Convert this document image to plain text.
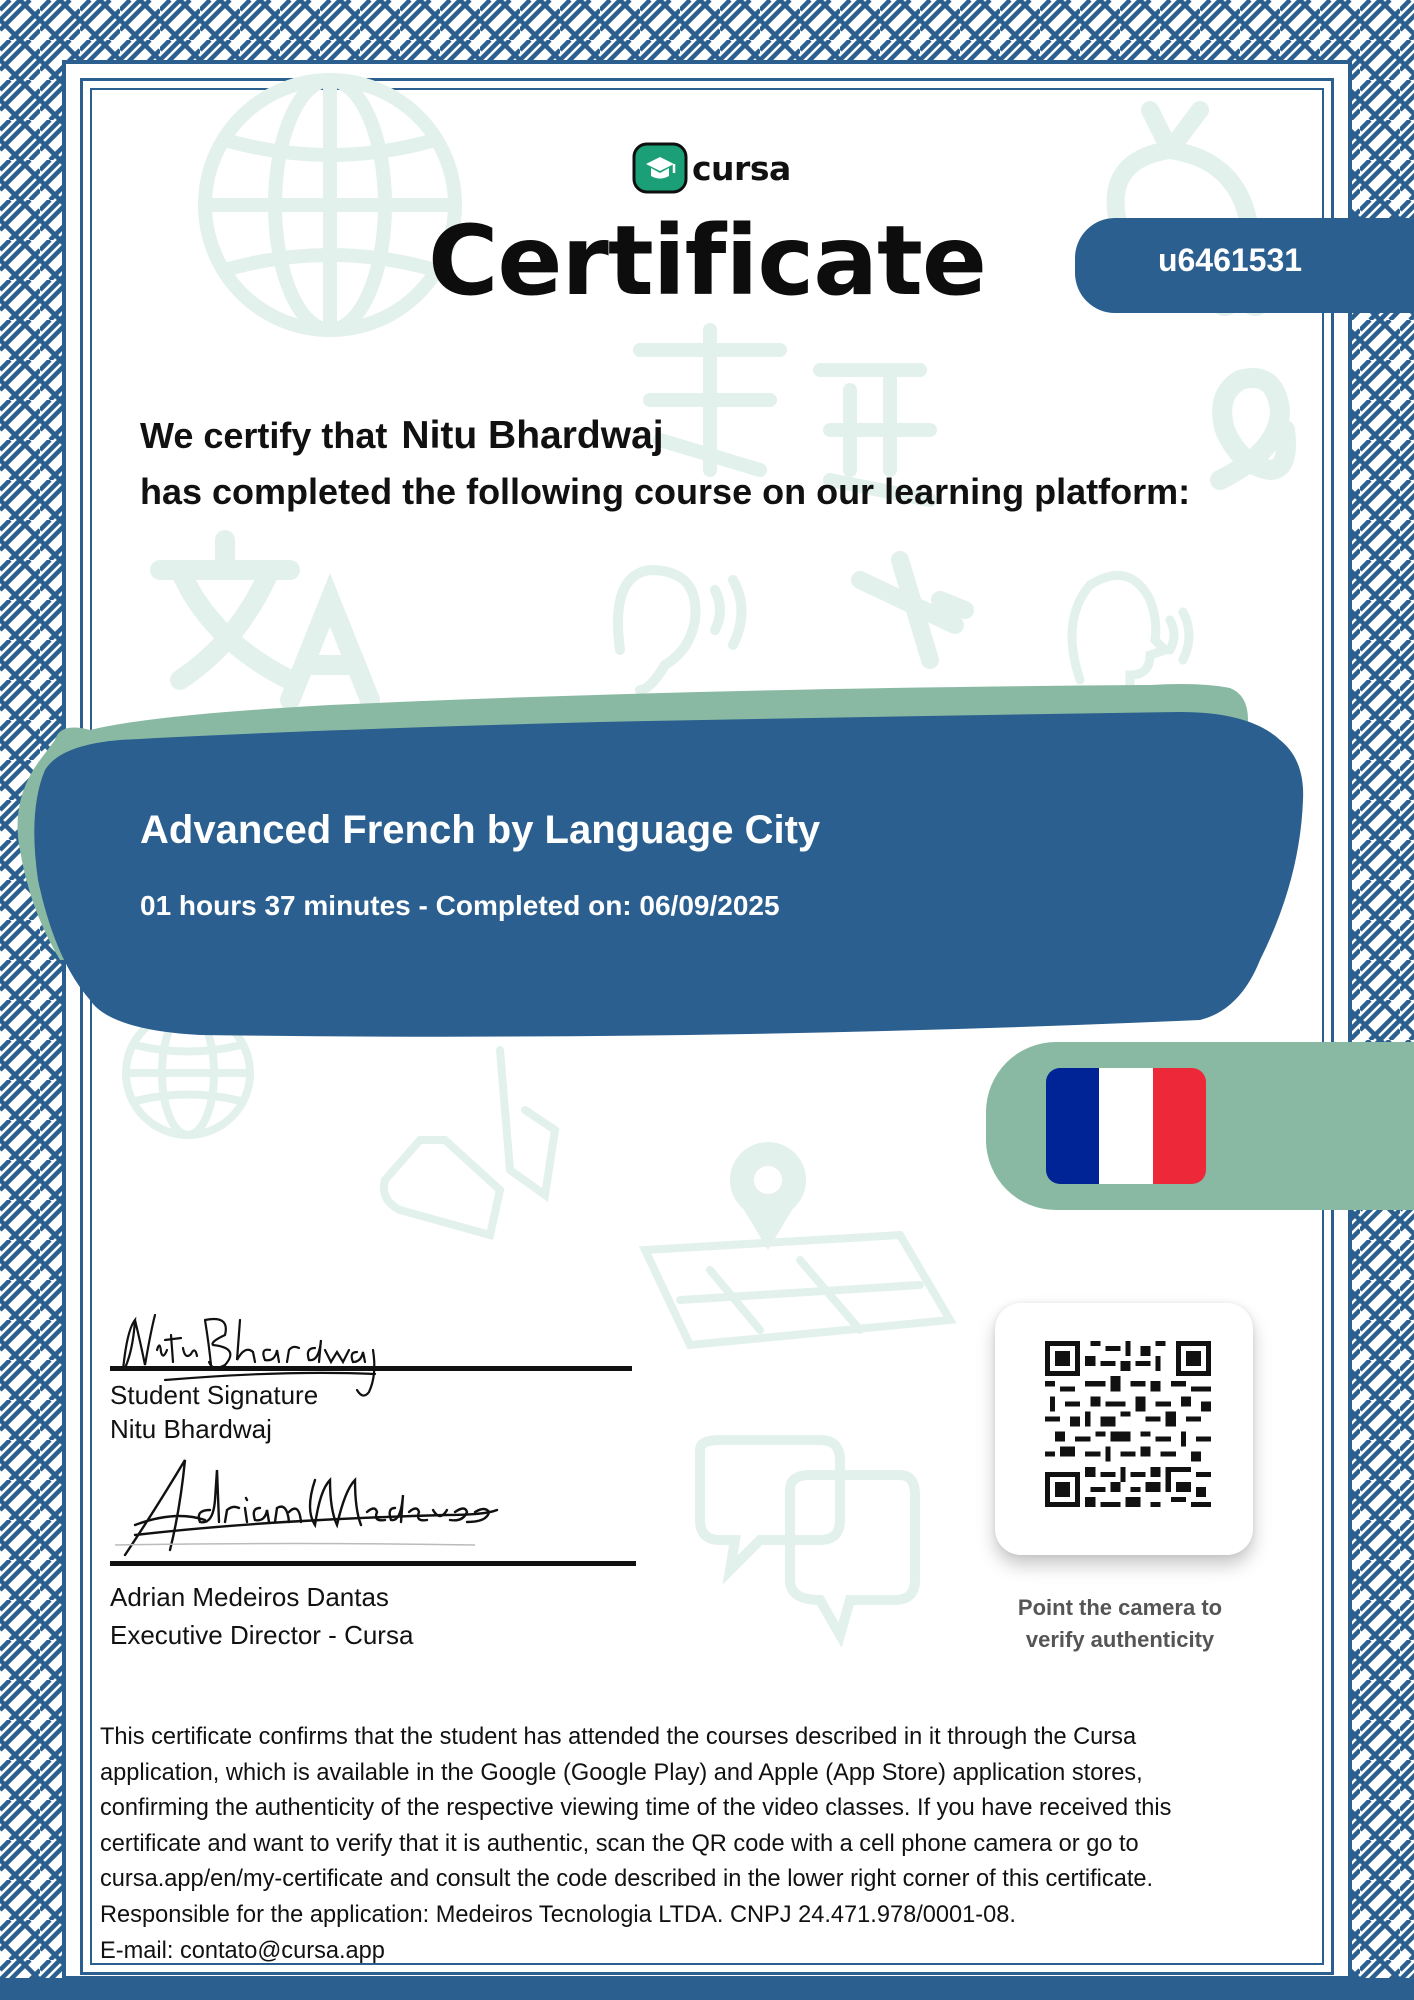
cursa
Certificate	u6461531
We certify that Nitu Bhardwaj
has completed the following course on our learning platform:
Advanced French by Language City
01 hours 37 minutes - Completed on: 06/09/2025
Student Signature
Nitu Bhardwaj
Adrian Medeiros Dantas
Executive Director - Cursa
Point the camera to
verify authenticity

This certificate confirms that the student has attended the courses described in it through the Cursa

application, which is available in the Google (Google Play) and Apple (App Store) application stores,

confirming the authenticity of the respective viewing time of the video classes. If you have received this

certificate and want to verify that it is authentic, scan the QR code with a cell phone camera or go to

cursa.app/en/my-certificate and consult the code described in the lower right corner of this certificate.

Responsible for the application: Medeiros Tecnologia LTDA. CNPJ 24.471.978/0001-08.

E-mail: contato@cursa.app
